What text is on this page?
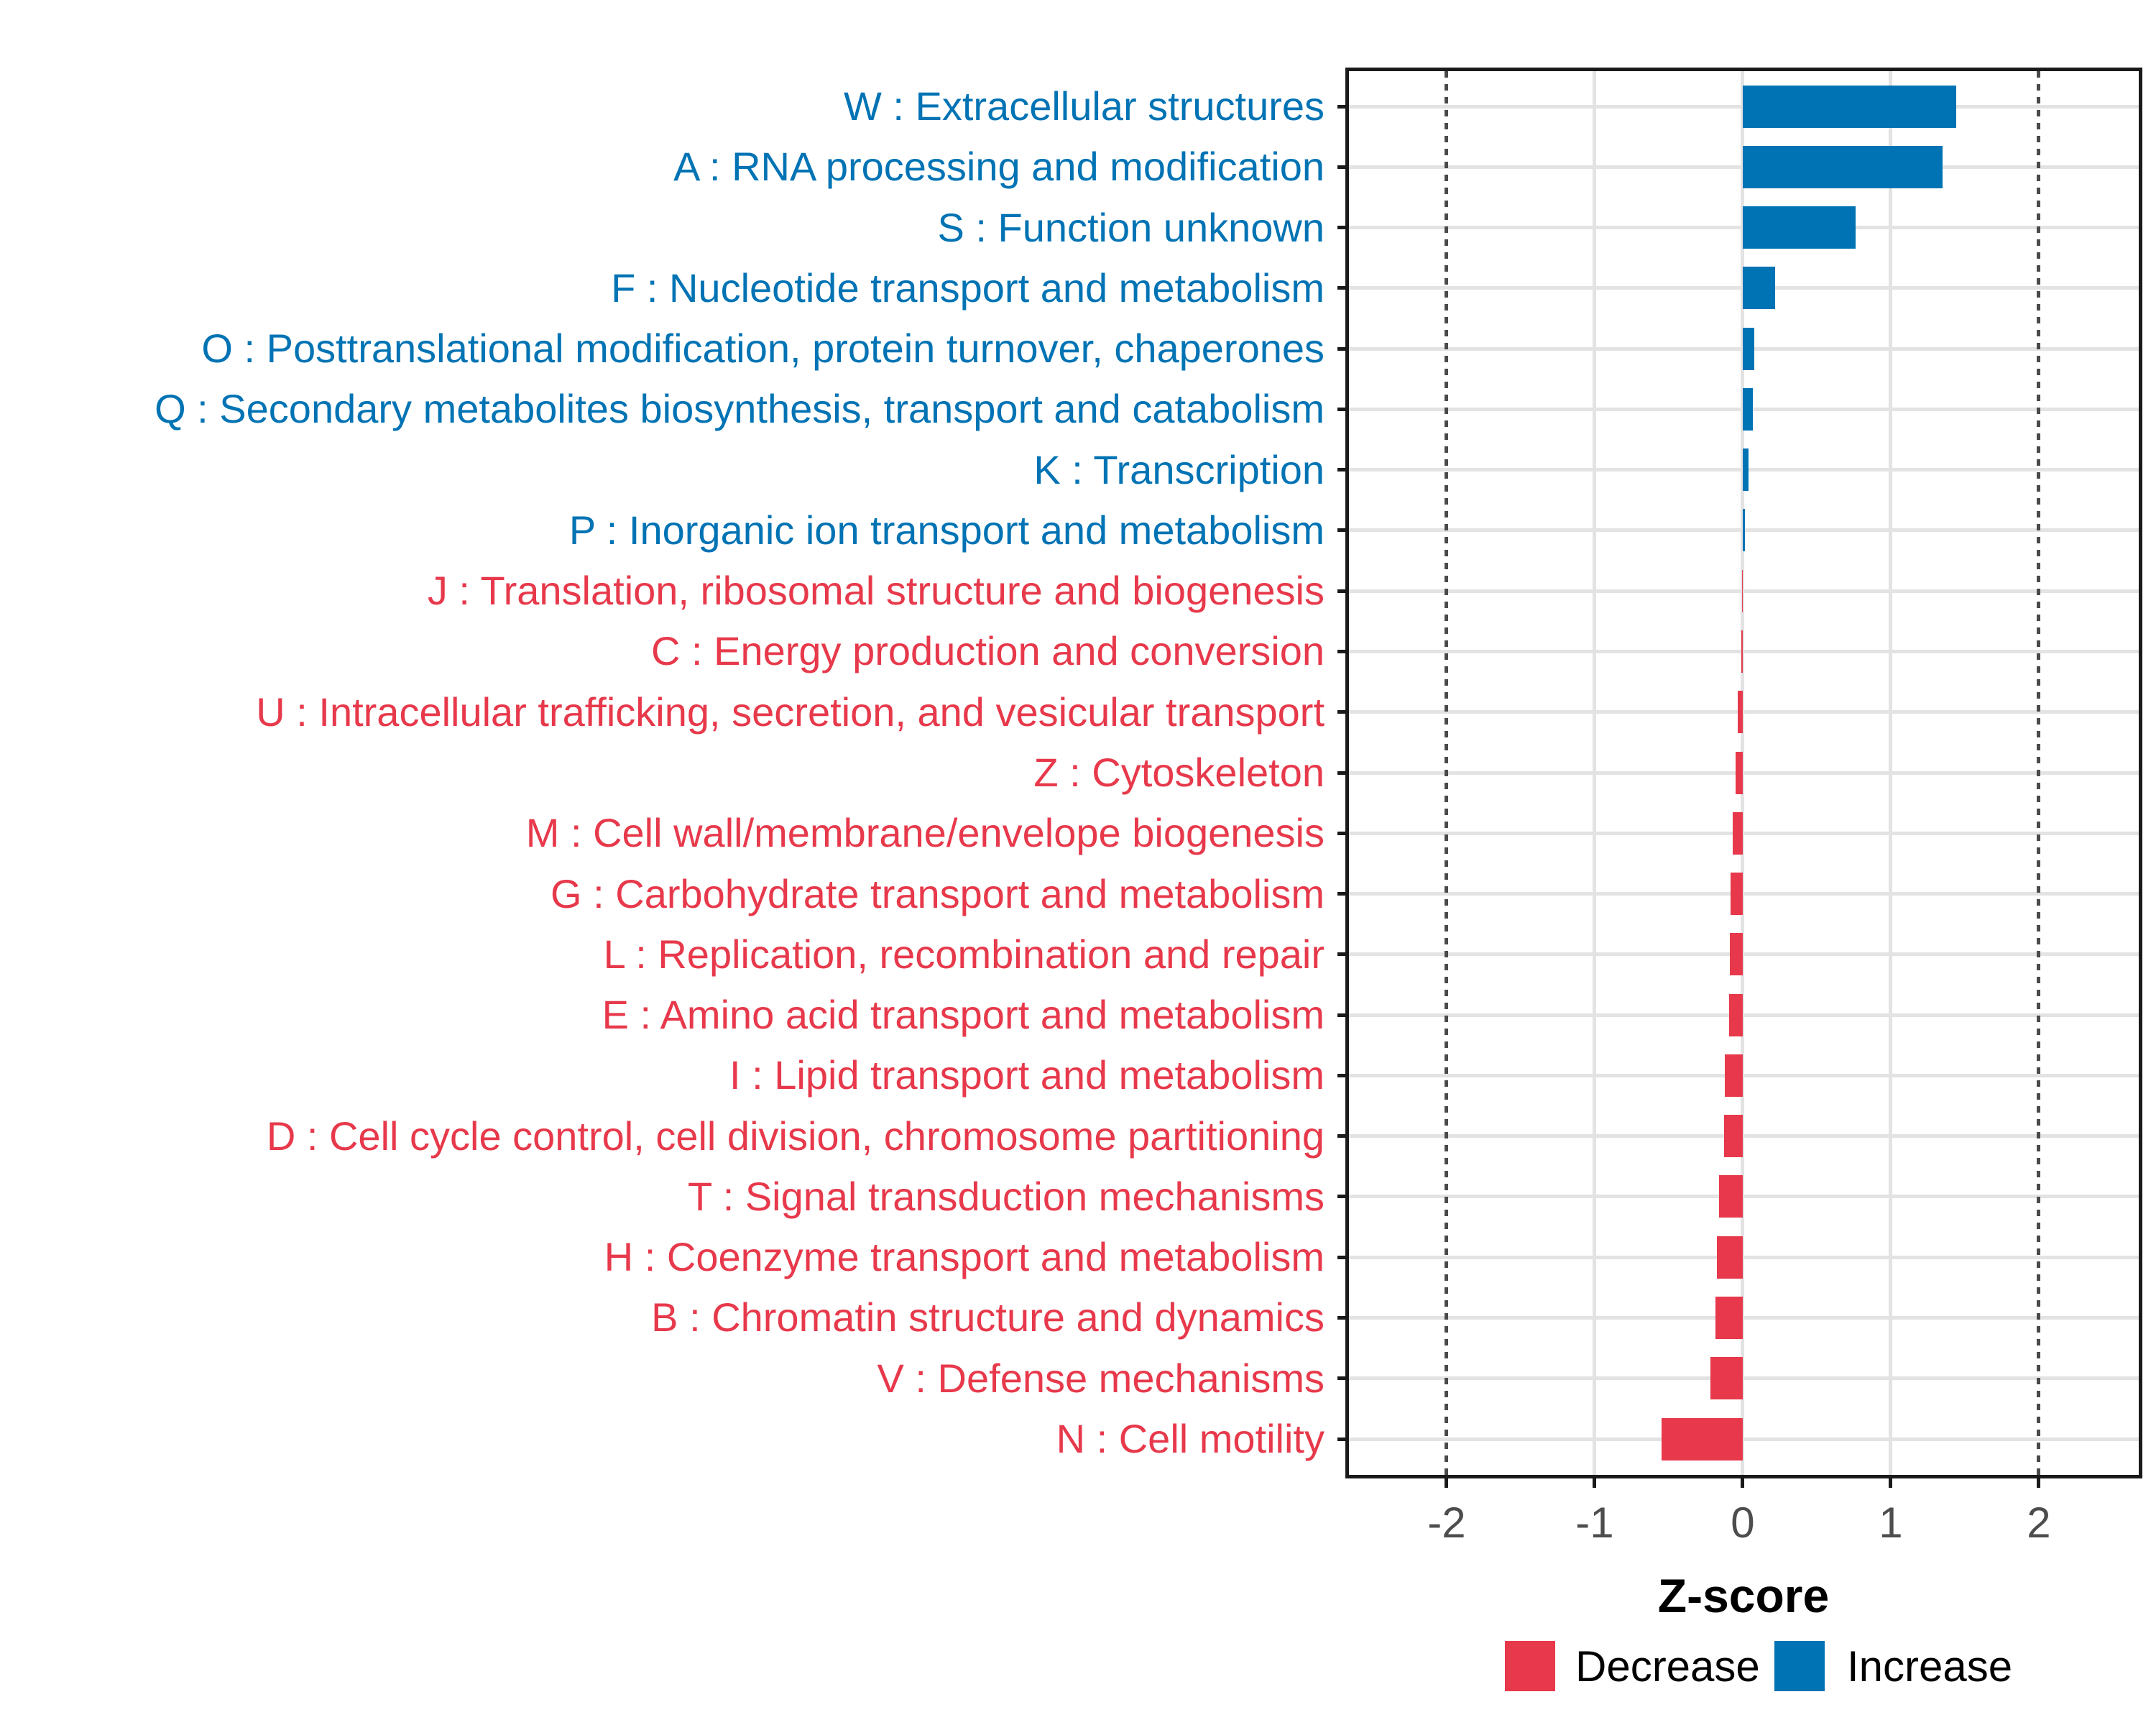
W : Extracellular structures
A : RNA processing and modification
S : Function unknown
F : Nucleotide transport and metabolism
O : Posttranslational modification, protein turnover, chaperones
Q : Secondary metabolites biosynthesis, transport and catabolism
K : Transcription
P : Inorganic ion transport and metabolism
J : Translation, ribosomal structure and biogenesis
C : Energy production and conversion
U : Intracellular trafficking, secretion, and vesicular transport
Z : Cytoskeleton
M : Cell wall/membrane/envelope biogenesis
G : Carbohydrate transport and metabolism
L : Replication, recombination and repair
E : Amino acid transport and metabolism
I : Lipid transport and metabolism
D : Cell cycle control, cell division, chromosome partitioning
T : Signal transduction mechanisms
H : Coenzyme transport and metabolism
B : Chromatin structure and dynamics
V : Defense mechanisms
N : Cell motility
-2	-1	0	1	2
Z-score
Decrease Increase
